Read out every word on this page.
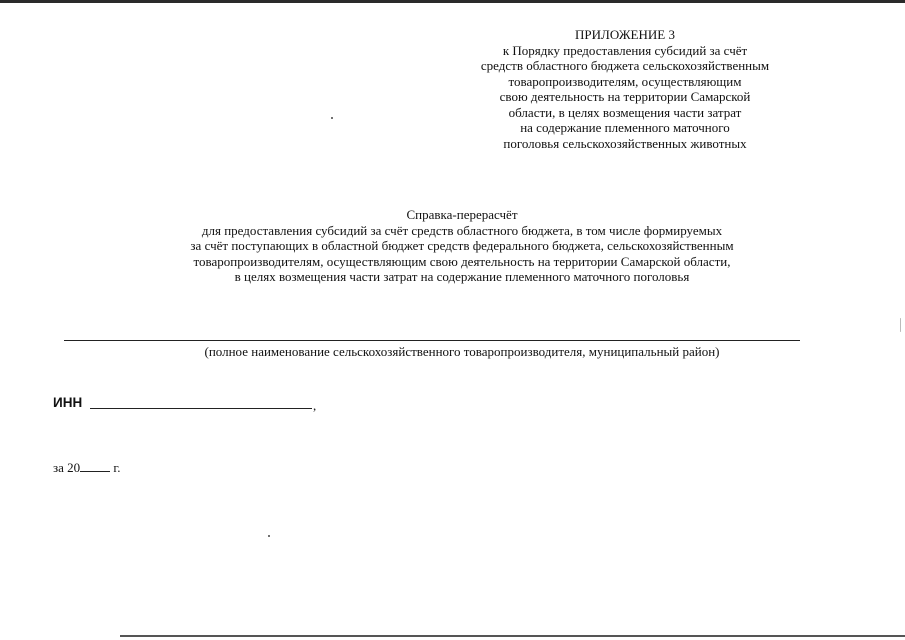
ПРИЛОЖЕНИЕ 3
к Порядку предоставления субсидий за счёт
средств областного бюджета сельскохозяйственным
товаропроизводителям, осуществляющим
свою деятельность на территории Самарской
области, в целях возмещения части затрат
на содержание племенного маточного
поголовья сельскохозяйственных животных
Справка-перерасчёт
для предоставления субсидий за счёт средств областного бюджета, в том числе формируемых
за счёт поступающих в областной бюджет средств федерального бюджета, сельскохозяйственным
товаропроизводителям, осуществляющим свою деятельность на территории Самарской области,
в целях возмещения части затрат на содержание племенного маточного поголовья
(полное наименование сельскохозяйственного товаропроизводителя, муниципальный район)
ИНН	,
за 20	г.
